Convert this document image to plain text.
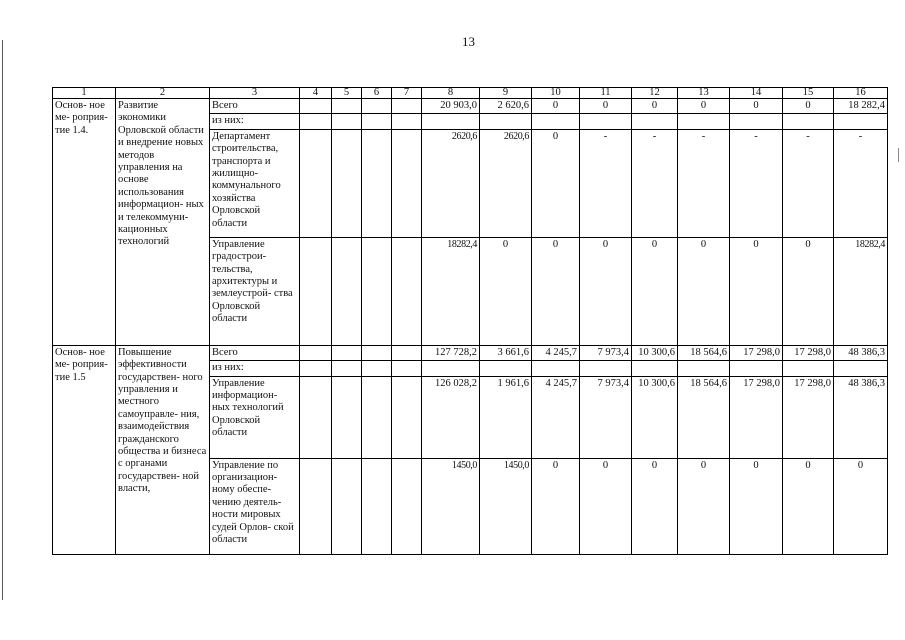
13
1	2	3	4	5	6	7	8	9	10	11	12	13	14	15	16
Основ- ное ме- роприя- тие 1.4.	Развитие экономики Орловской области и внедрение новых методов управления на основе использования информацион- ных и телекоммуни- кационных технологий	Всего					20 903,0	2 620,6	0	0	0	0	0	0	18 282,4
		из них:													
		Департамент строительства, транспорта и жилищно- коммунального хозяйства Орловской области					2620,6	2620,6	0	-	-	-	-	-	-
		Управление градострои- тельства, архитектуры и землеустрой- ства Орловской области					18282,4	0	0	0	0	0	0	0	18282,4
Основ- ное ме- роприя- тие 1.5	Повышение эффективности государствен- ного управления и местного самоуправле- ния, взаимодействия гражданского общества и бизнеса с органами государствен- ной власти,	Всего					127 728,2	3 661,6	4 245,7	7 973,4	10 300,6	18 564,6	17 298,0	17 298,0	48 386,3
		из них:													
		Управление информацион- ных технологий Орловской области					126 028,2	1 961,6	4 245,7	7 973,4	10 300,6	18 564,6	17 298,0	17 298,0	48 386,3
		Управление по организацион- ному обеспе- чению деятель- ности мировых судей Орлов- ской области					1450,0	1450,0	0	0	0	0	0	0	0
